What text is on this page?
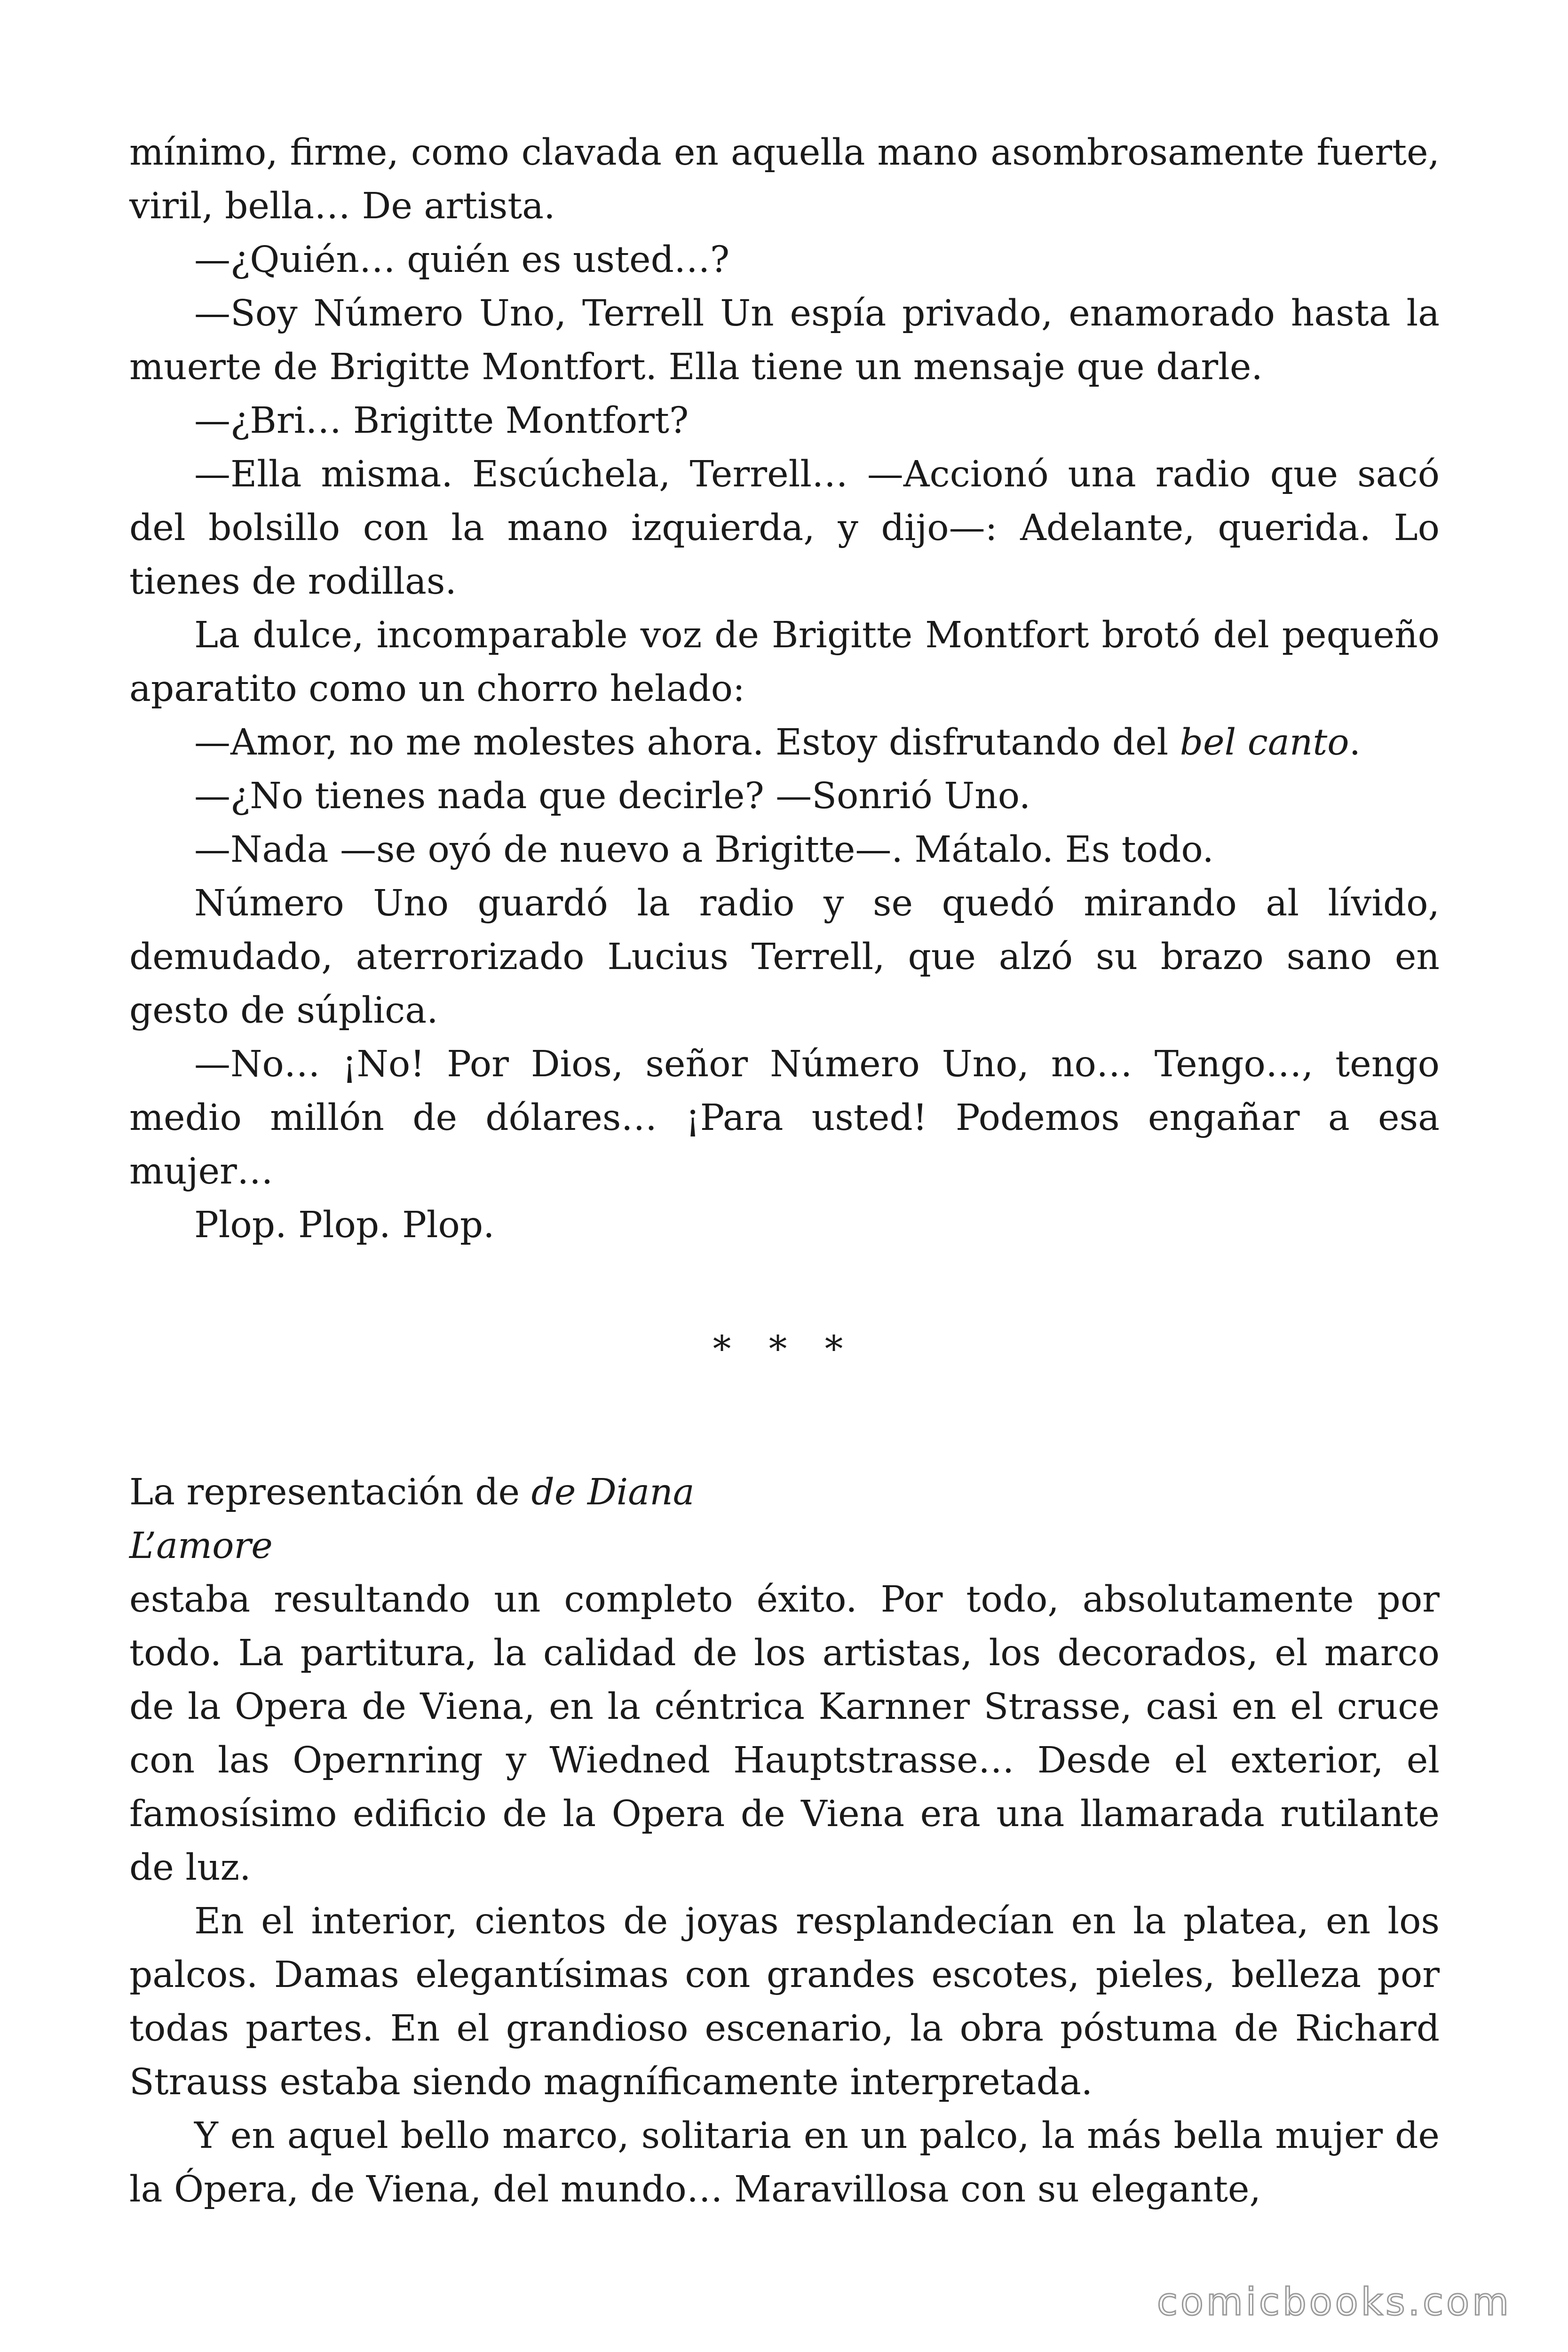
mínimo, firme, como clavada en aquella mano asombrosamente fuerte, viril, bella… De artista.

—¿Quién… quién es usted…?

—Soy Número Uno, Terrell Un espía privado, enamorado hasta la muerte de Brigitte Montfort. Ella tiene un mensaje que darle.

—¿Bri… Brigitte Montfort?

—Ella misma. Escúchela, Terrell… —Accionó una radio que sacó del bolsillo con la mano izquierda, y dijo—: Adelante, querida. Lo tienes de rodillas.

La dulce, incomparable voz de Brigitte Montfort brotó del pequeño aparatito como un chorro helado:

—Amor, no me molestes ahora. Estoy disfrutando del bel canto.

—¿No tienes nada que decirle? —Sonrió Uno.

—Nada —se oyó de nuevo a Brigitte—. Mátalo. Es todo.

Número Uno guardó la radio y se quedó mirando al lívido, demudado, aterrorizado Lucius Terrell, que alzó su brazo sano en gesto de súplica.

—No… ¡No! Por Dios, señor Número Uno, no… Tengo…, tengo medio millón de dólares… ¡Para usted! Podemos engañar a esa mujer…

Plop. Plop. Plop.

* * *

La representación de de Diana

L’amore

estaba resultando un completo éxito. Por todo, absolutamente por todo. La partitura, la calidad de los artistas, los decorados, el marco de la Opera de Viena, en la céntrica Karnner Strasse, casi en el cruce con las Opernring y Wiedned Hauptstrasse… Desde el exterior, el famosísimo edificio de la Opera de Viena era una llamarada rutilante de luz.

En el interior, cientos de joyas resplandecían en la platea, en los palcos. Damas elegantísimas con grandes escotes, pieles, belleza por todas partes. En el grandioso escenario, la obra póstuma de Richard Strauss estaba siendo magníficamente interpretada.

Y en aquel bello marco, solitaria en un palco, la más bella mujer de la Ópera, de Viena, del mundo… Maravillosa con su elegante,

comicbooks.com
